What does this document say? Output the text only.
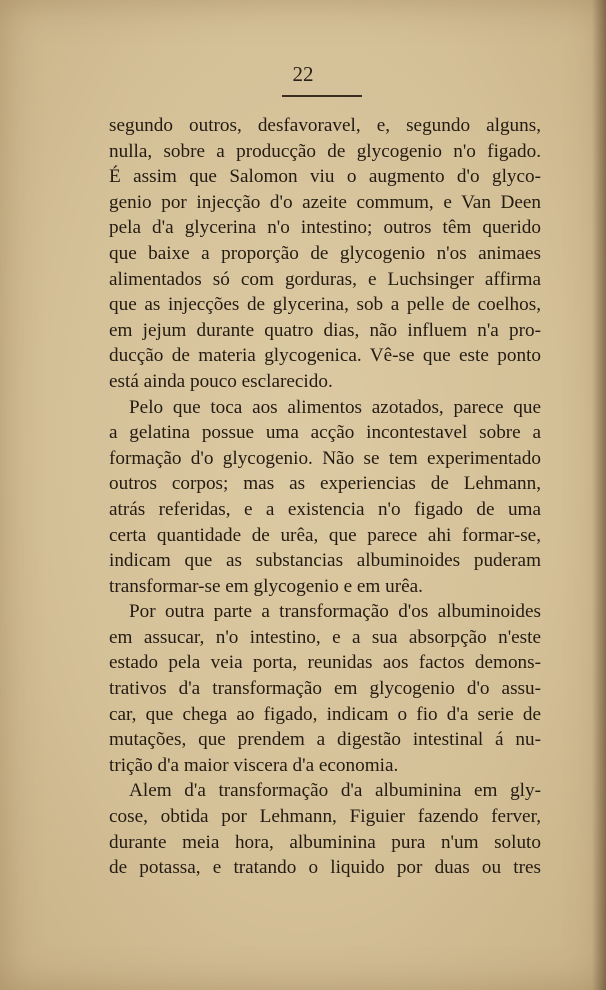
22
segundo outros, desfavoravel, e, segundo alguns,
nulla, sobre a producção de glycogenio n'o figado.
É assim que Salomon viu o augmento d'o glyco-
genio por injecção d'o azeite commum, e Van Deen
pela d'a glycerina n'o intestino; outros têm querido
que baixe a proporção de glycogenio n'os animaes
alimentados só com gorduras, e Luchsinger affirma
que as injecções de glycerina, sob a pelle de coelhos,
em jejum durante quatro dias, não influem n'a pro-
ducção de materia glycogenica. Vê-se que este ponto
está ainda pouco esclarecido.
Pelo que toca aos alimentos azotados, parece que
a gelatina possue uma acção incontestavel sobre a
formação d'o glycogenio. Não se tem experimentado
outros corpos; mas as experiencias de Lehmann,
atrás referidas, e a existencia n'o figado de uma
certa quantidade de urêa, que parece ahi formar-se,
indicam que as substancias albuminoides puderam
transformar-se em glycogenio e em urêa.
Por outra parte a transformação d'os albuminoides
em assucar, n'o intestino, e a sua absorpção n'este
estado pela veia porta, reunidas aos factos demons-
trativos d'a transformação em glycogenio d'o assu-
car, que chega ao figado, indicam o fio d'a serie de
mutações, que prendem a digestão intestinal á nu-
trição d'a maior viscera d'a economia.
Alem d'a transformação d'a albuminina em gly-
cose, obtida por Lehmann, Figuier fazendo ferver,
durante meia hora, albuminina pura n'um soluto
de potassa, e tratando o liquido por duas ou tres
